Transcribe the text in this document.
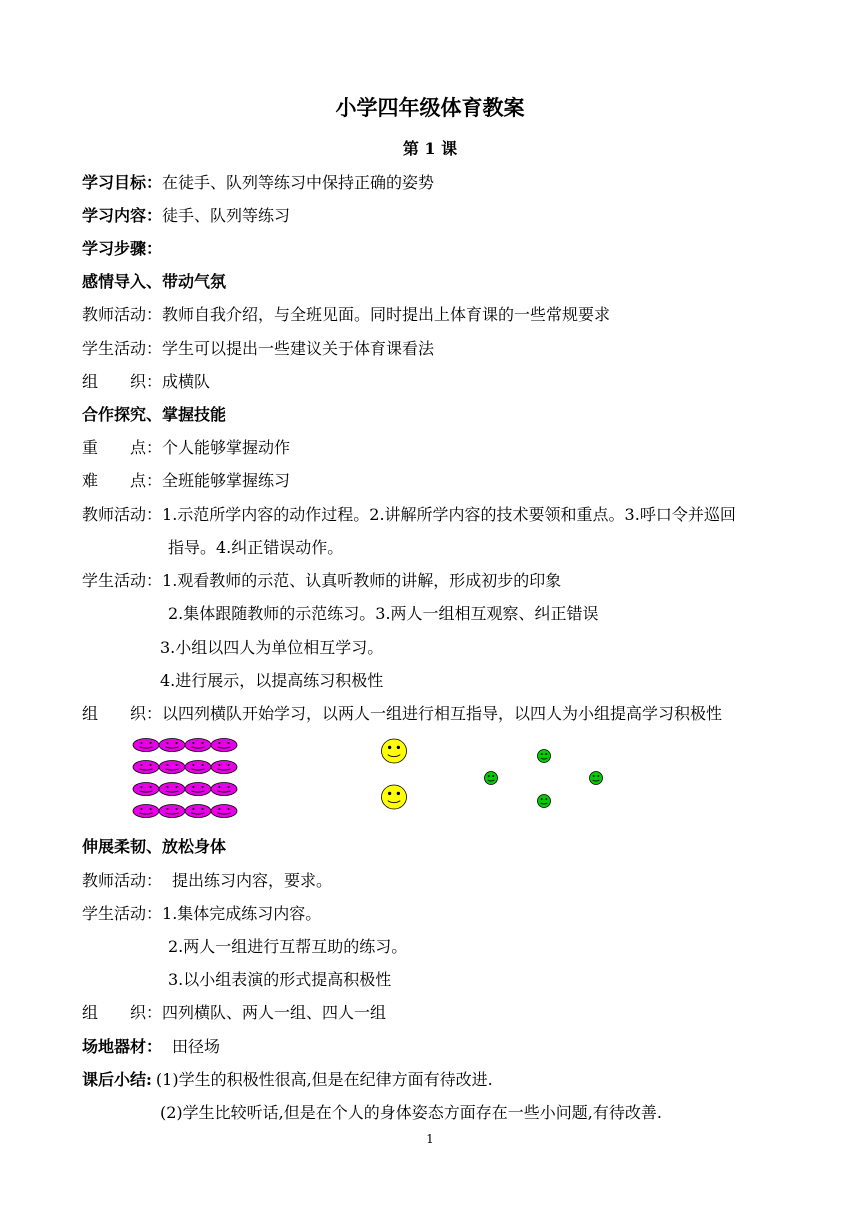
小学四年级体育教案
第 1 课
学习目标：在徒手、队列等练习中保持正确的姿势
学习内容：徒手、队列等练习
学习步骤：
感情导入、带动气氛
教师活动：教师自我介绍，与全班见面。同时提出上体育课的一些常规要求
学生活动：学生可以提出一些建议关于体育课看法
组　　织：成横队
合作探究、掌握技能
重　　点：个人能够掌握动作
难　　点：全班能够掌握练习
教师活动：1.示范所学内容的动作过程。2.讲解所学内容的技术要领和重点。3.呼口令并巡回
指导。4.纠正错误动作。
学生活动：1.观看教师的示范、认真听教师的讲解，形成初步的印象
2.集体跟随教师的示范练习。3.两人一组相互观察、纠正错误
3.小组以四人为单位相互学习。
4.进行展示，以提高练习积极性
组　　织：以四列横队开始学习，以两人一组进行相互指导，以四人为小组提高学习积极性
伸展柔韧、放松身体
教师活动： 提出练习内容，要求。
学生活动：1.集体完成练习内容。
2.两人一组进行互帮互助的练习。
3.以小组表演的形式提高积极性
组　　织：四列横队、两人一组、四人一组
场地器材： 田径场
课后小结: (1)学生的积极性很高,但是在纪律方面有待改进.
(2)学生比较听话,但是在个人的身体姿态方面存在一些小问题,有待改善.
1
